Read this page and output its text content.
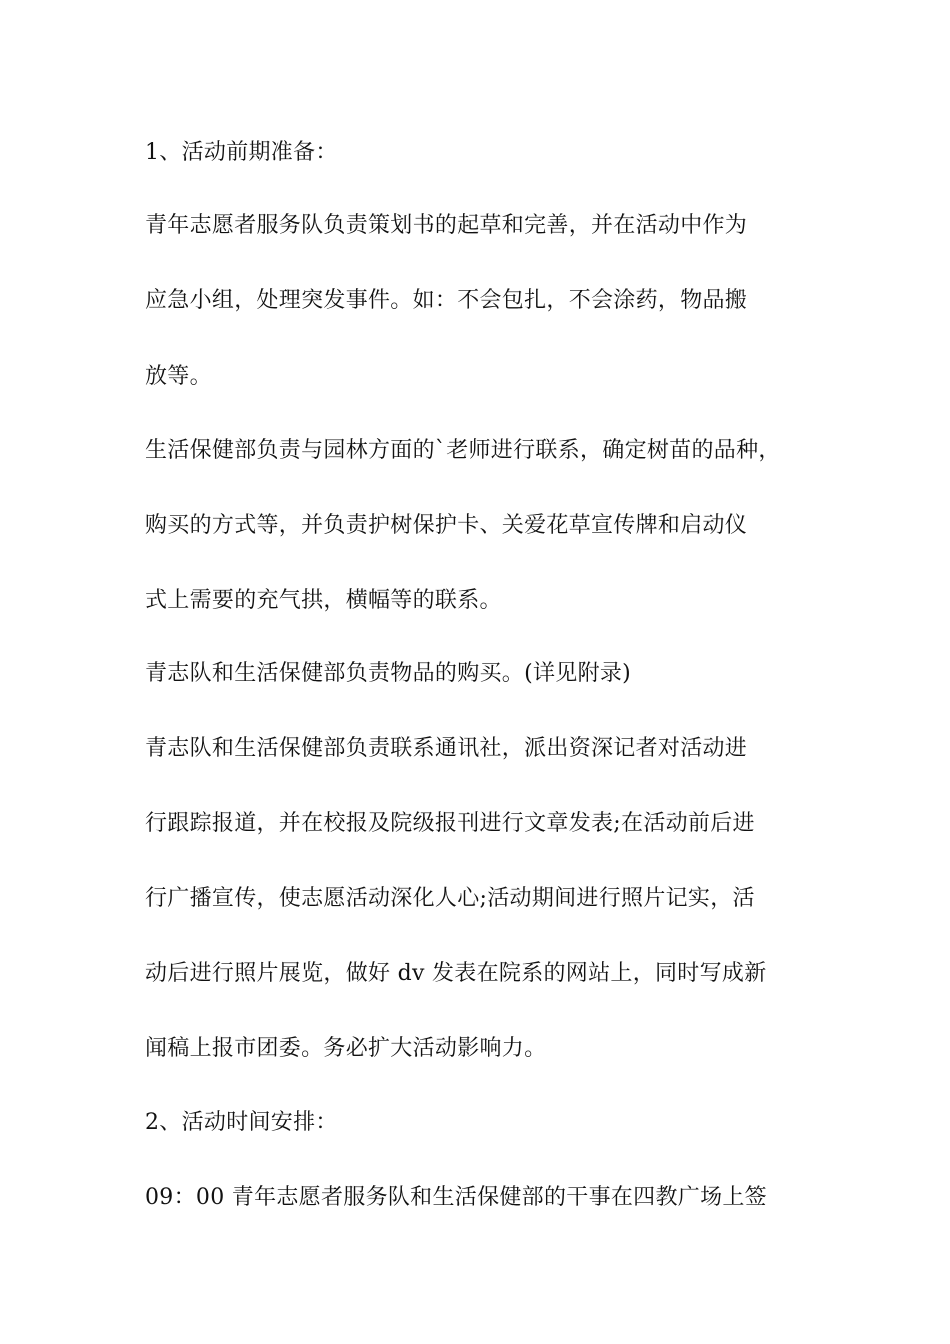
1、活动前期准备：
青年志愿者服务队负责策划书的起草和完善，并在活动中作为
应急小组，处理突发事件。如：不会包扎，不会涂药，物品搬
放等。
生活保健部负责与园林方面的`老师进行联系，确定树苗的品种，
购买的方式等，并负责护树保护卡、关爱花草宣传牌和启动仪
式上需要的充气拱，横幅等的联系。
青志队和生活保健部负责物品的购买。(详见附录)
青志队和生活保健部负责联系通讯社，派出资深记者对活动进
行跟踪报道，并在校报及院级报刊进行文章发表;在活动前后进
行广播宣传，使志愿活动深化人心;活动期间进行照片记实，活
动后进行照片展览，做好 dv 发表在院系的网站上，同时写成新
闻稿上报市团委。务必扩大活动影响力。
2、活动时间安排：
09：00 青年志愿者服务队和生活保健部的干事在四教广场上签
